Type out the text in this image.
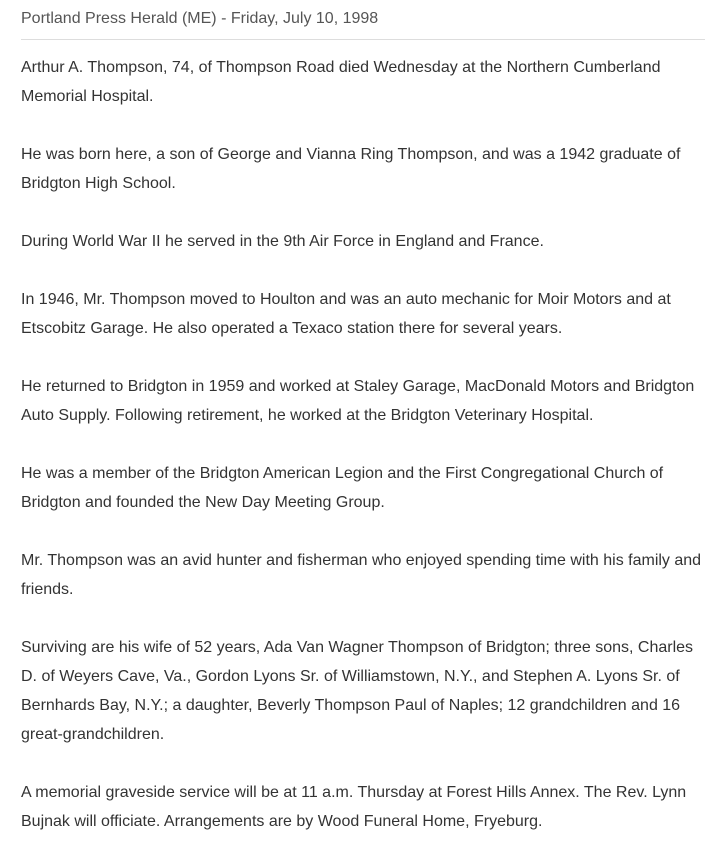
Portland Press Herald (ME) - Friday, July 10, 1998

Arthur A. Thompson, 74, of Thompson Road died Wednesday at the Northern Cumberland Memorial Hospital.

He was born here, a son of George and Vianna Ring Thompson, and was a 1942 graduate of Bridgton High School.

During World War II he served in the 9th Air Force in England and France.

In 1946, Mr. Thompson moved to Houlton and was an auto mechanic for Moir Motors and at Etscobitz Garage. He also operated a Texaco station there for several years.

He returned to Bridgton in 1959 and worked at Staley Garage, MacDonald Motors and Bridgton Auto Supply. Following retirement, he worked at the Bridgton Veterinary Hospital.

He was a member of the Bridgton American Legion and the First Congregational Church of Bridgton and founded the New Day Meeting Group.

Mr. Thompson was an avid hunter and fisherman who enjoyed spending time with his family and friends.

Surviving are his wife of 52 years, Ada Van Wagner Thompson of Bridgton; three sons, Charles D. of Weyers Cave, Va., Gordon Lyons Sr. of Williamstown, N.Y., and Stephen A. Lyons Sr. of Bernhards Bay, N.Y.; a daughter, Beverly Thompson Paul of Naples; 12 grandchildren and 16 great-grandchildren.

A memorial graveside service will be at 11 a.m. Thursday at Forest Hills Annex. The Rev. Lynn Bujnak will officiate. Arrangements are by Wood Funeral Home, Fryeburg.
